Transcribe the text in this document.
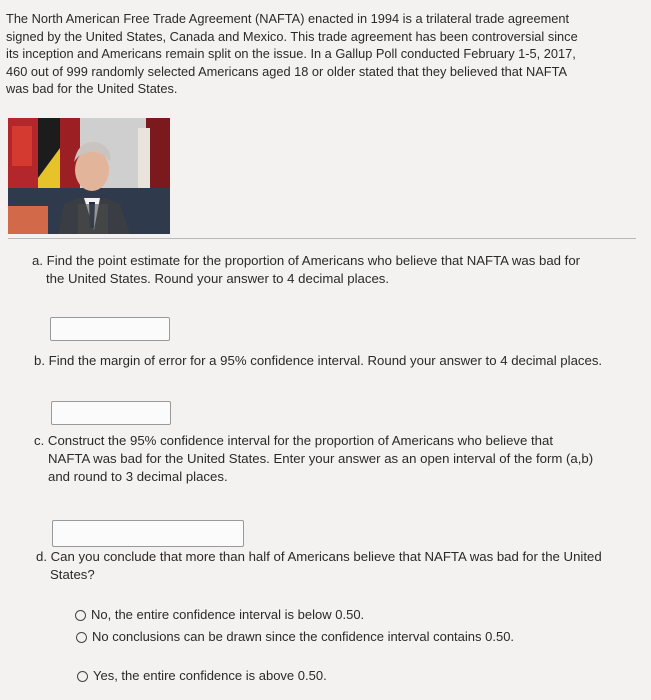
The North American Free Trade Agreement (NAFTA) enacted in 1994 is a trilateral trade agreement
signed by the United States, Canada and Mexico. This trade agreement has been controversial since
its inception and Americans remain split on the issue. In a Gallup Poll conducted February 1-5, 2017,
460 out of 999 randomly selected Americans aged 18 or older stated that they believed that NAFTA
was bad for the United States.
a. Find the point estimate for the proportion of Americans who believe that NAFTA was bad for
the United States. Round your answer to 4 decimal places.
b. Find the margin of error for a 95% confidence interval. Round your answer to 4 decimal places.
c. Construct the 95% confidence interval for the proportion of Americans who believe that
NAFTA was bad for the United States. Enter your answer as an open interval of the form (a,b)
and round to 3 decimal places.
d. Can you conclude that more than half of Americans believe that NAFTA was bad for the United
States?
No, the entire confidence interval is below 0.50.
No conclusions can be drawn since the confidence interval contains 0.50.
Yes, the entire confidence is above 0.50.
